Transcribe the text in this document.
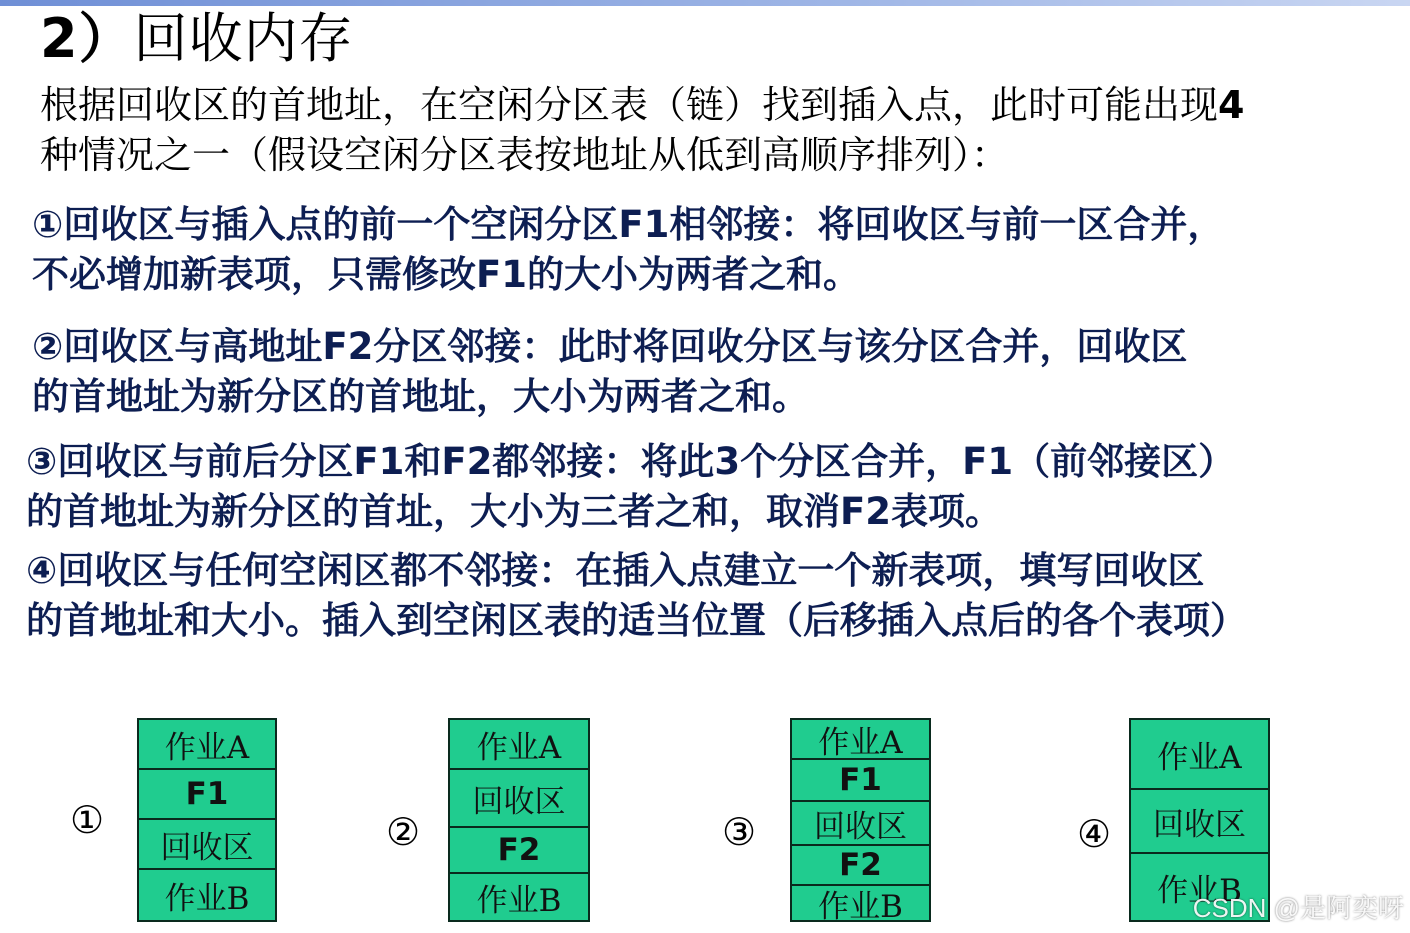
2）回收内存
根据回收区的首地址，在空闲分区表（链）找到插入点，此时可能出现4
种情况之一（假设空闲分区表按地址从低到高顺序排列）：
①回收区与插入点的前一个空闲分区F1相邻接：将回收区与前一区合并，
不必增加新表项，只需修改F1的大小为两者之和。
②回收区与高地址F2分区邻接：此时将回收分区与该分区合并，回收区
的首地址为新分区的首地址，大小为两者之和。
③回收区与前后分区F1和F2都邻接：将此3个分区合并，F1（前邻接区）
的首地址为新分区的首址，大小为三者之和，取消F2表项。
④回收区与任何空闲区都不邻接：在插入点建立一个新表项，填写回收区
的首地址和大小。插入到空闲区表的适当位置（后移插入点后的各个表项）
①
作业A
F1
回收区
作业B
②
作业A
回收区
F2
作业B
③
作业A
F1
回收区
F2
作业B
④
作业A
回收区
作业B
CSDN @是阿奕呀
